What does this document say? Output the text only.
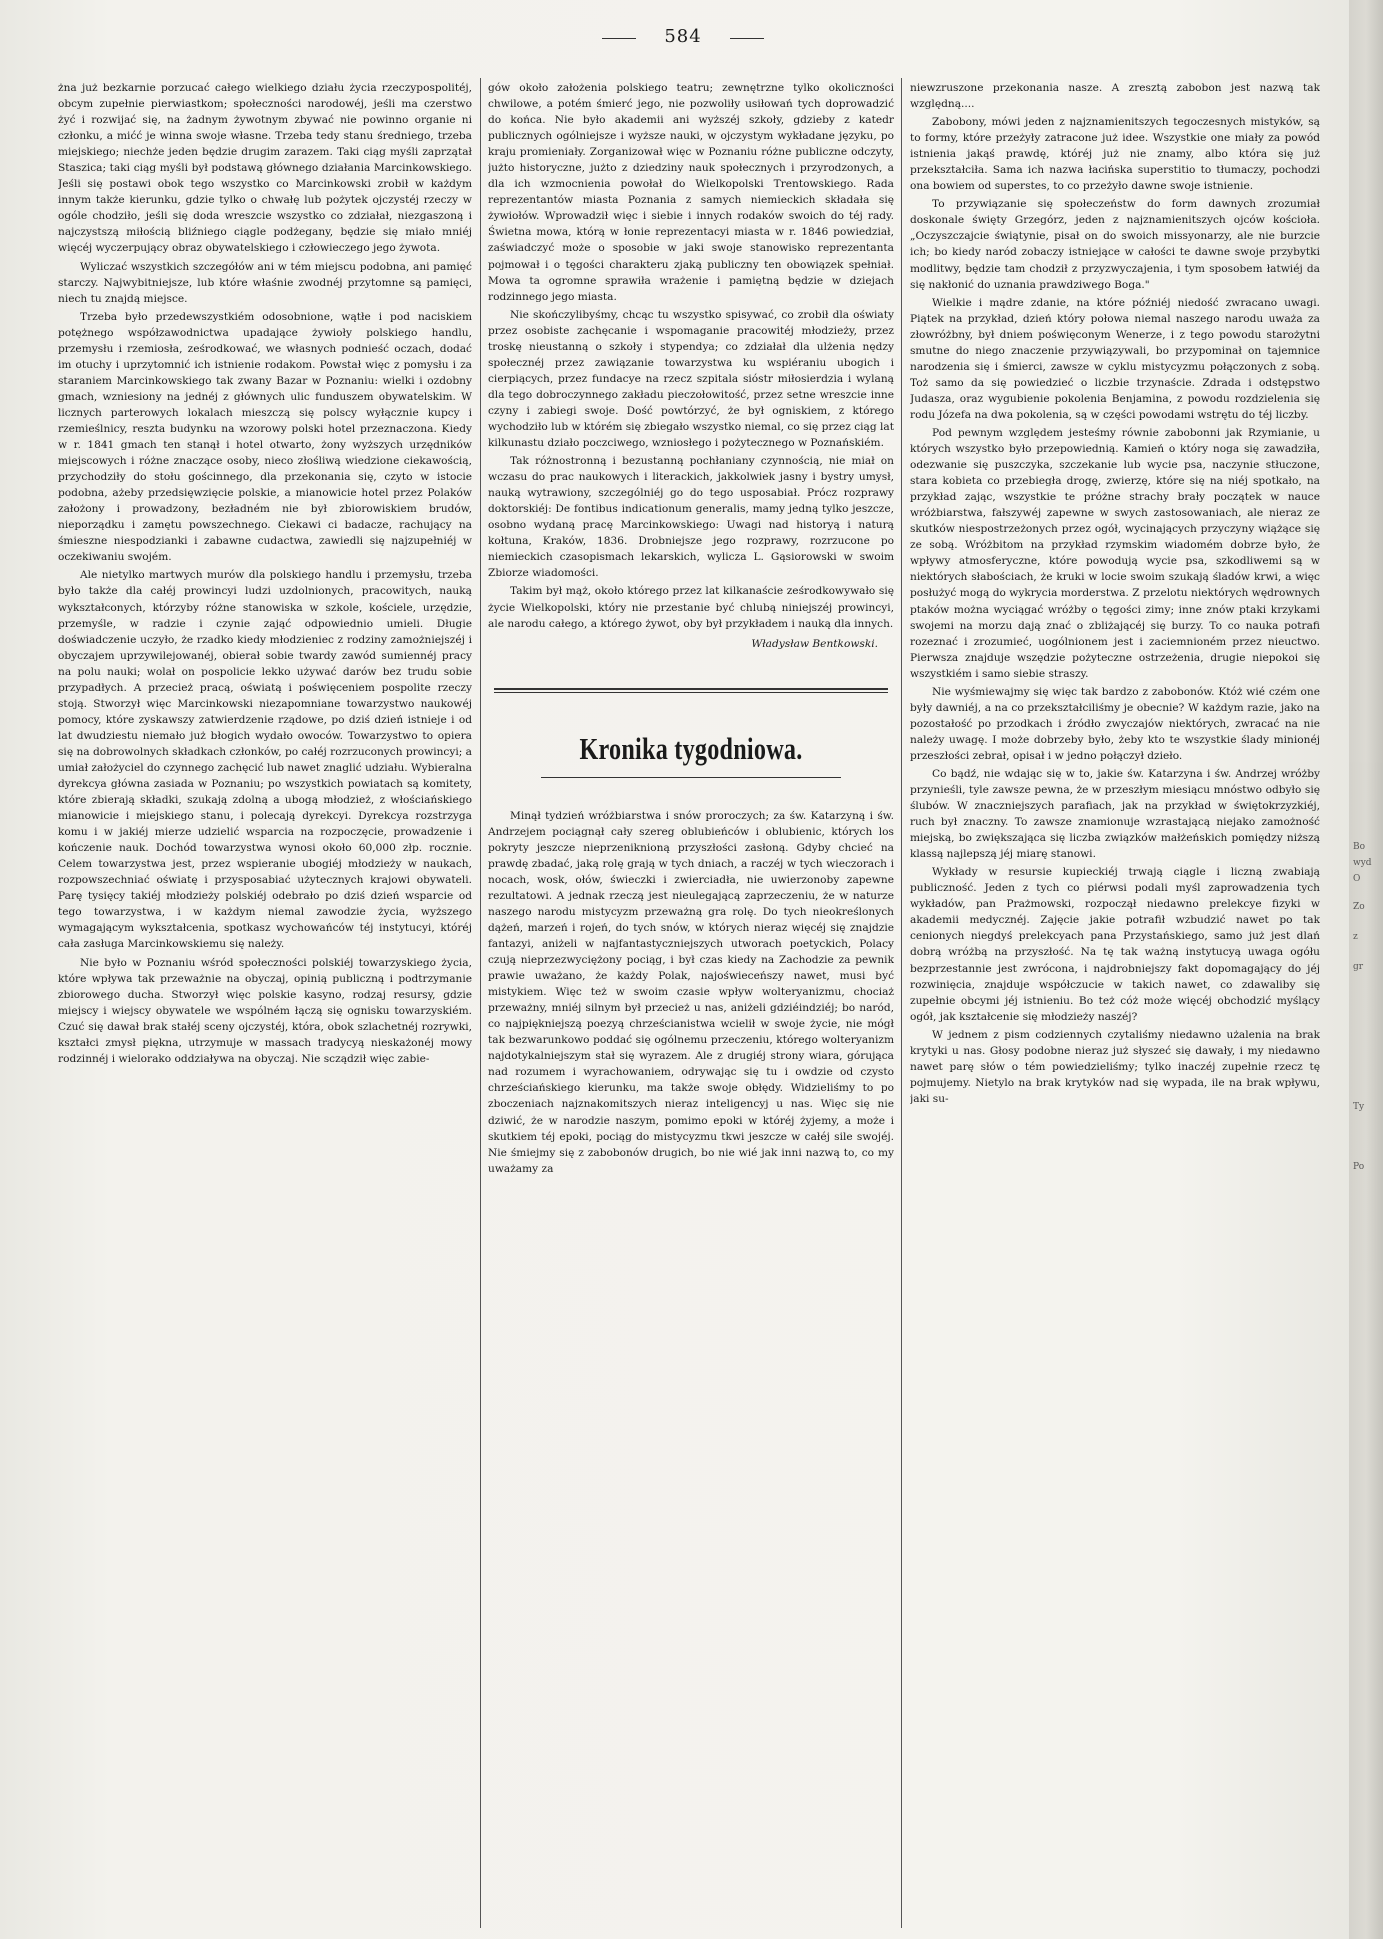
584

żna już bezkarnie porzucać całego wielkiego działu życia rzeczypospolitéj, obcym zupełnie pierwiastkom; społeczności narodowéj, jeśli ma czerstwo żyć i rozwijać się, na żadnym żywotnym zbywać nie powinno organie ni członku, a mićć je winna swoje własne. Trzeba tedy stanu średniego, trzeba miejskiego; niechże jeden będzie drugim zarazem. Taki ciąg myśli zaprzątał Staszica; taki ciąg myśli był podstawą głównego działania Marcinkowskiego. Jeśli się postawi obok tego wszystko co Marcinkowski zrobił w każdym innym także kierunku, gdzie tylko o chwałę lub pożytek ojczystéj rzeczy w ogóle chodziło, jeśli się doda wreszcie wszystko co zdziałał, niezgaszoną i najczystszą miłością bliźniego ciągle podżegany, będzie się miało mniéj więcéj wyczerpujący obraz obywatelskiego i człowieczego jego żywota.

Wyliczać wszystkich szczegółów ani w tém miejscu podobna, ani pamięć starczy. Najwybitniejsze, lub które właśnie zwodnéj przytomne są pamięci, niech tu znajdą miejsce.

Trzeba było przedewszystkiém odosobnione, wątłe i pod naciskiem potężnego współzawodnictwa upadające żywioły polskiego handlu, przemysłu i rzemiosła, ześrodkować, we własnych podnieść oczach, dodać im otuchy i uprzytomnić ich istnienie rodakom. Powstał więc z pomysłu i za staraniem Marcinkowskiego tak zwany Bazar w Poznaniu: wielki i ozdobny gmach, wzniesiony na jednéj z głównych ulic funduszem obywatelskim. W licznych parterowych lokalach mieszczą się polscy wyłącznie kupcy i rzemieślnicy, reszta budynku na wzorowy polski hotel przeznaczona. Kiedy w r. 1841 gmach ten stanął i hotel otwarto, żony wyższych urzędników miejscowych i różne znaczące osoby, nieco złośliwą wiedzione ciekawością, przychodziły do stołu gościnnego, dla przekonania się, czyto w istocie podobna, ażeby przedsięwzięcie polskie, a mianowicie hotel przez Polaków założony i prowadzony, bezładném nie był zbiorowiskiem brudów, nieporządku i zamętu powszechnego. Ciekawi ci badacze, rachujący na śmieszne niespodzianki i zabawne cudactwa, zawiedli się najzupełniéj w oczekiwaniu swojém.

Ale nietylko martwych murów dla polskiego handlu i przemysłu, trzeba było także dla całéj prowincyi ludzi uzdolnionych, pracowitych, nauką wykształconych, którzyby różne stanowiska w szkole, kościele, urzędzie, przemyśle, w radzie i czynie zająć odpowiednio umieli. Długie doświadczenie uczyło, że rzadko kiedy młodzieniec z rodziny zamożniejszéj i obyczajem uprzywilejowanéj, obierał sobie twardy zawód sumiennéj pracy na polu nauki; wolał on pospolicie lekko używać darów bez trudu sobie przypadłych. A przecież pracą, oświatą i poświęceniem pospolite rzeczy stoją. Stworzył więc Marcinkowski niezapomniane towarzystwo naukowéj pomocy, które zyskawszy zatwierdzenie rządowe, po dziś dzień istnieje i od lat dwudziestu niemało już błogich wydało owoców. Towarzystwo to opiera się na dobrowolnych składkach członków, po całéj rozrzuconych prowincyi; a umiał założyciel do czynnego zachęcić lub nawet znaglić udziału. Wybieralna dyrekcya główna zasiada w Poznaniu; po wszystkich powiatach są komitety, które zbierają składki, szukają zdolną a ubogą młodzież, z włościańskiego mianowicie i miejskiego stanu, i polecają dyrekcyi. Dyrekcya rozstrzyga komu i w jakiéj mierze udzielić wsparcia na rozpoczęcie, prowadzenie i kończenie nauk. Dochód towarzystwa wynosi około 60,000 złp. rocznie. Celem towarzystwa jest, przez wspieranie ubogiéj młodzieży w naukach, rozpowszechniać oświatę i przysposabiać użytecznych krajowi obywateli. Parę tysięcy takiéj młodzieży polskiéj odebrało po dziś dzień wsparcie od tego towarzystwa, i w każdym niemal zawodzie życia, wyższego wymagającym wykształcenia, spotkasz wychowańców téj instytucyi, któréj cała zasługa Marcinkowskiemu się należy.

Nie było w Poznaniu wśród społeczności polskiéj towarzyskiego życia, które wpływa tak przeważnie na obyczaj, opinią publiczną i podtrzymanie zbiorowego ducha. Stworzył więc polskie kasyno, rodzaj resursy, gdzie miejscy i wiejscy obywatele we wspólném łączą się ognisku towarzyskiém. Czuć się dawał brak stałéj sceny ojczystéj, która, obok szlachetnéj rozrywki, kształci zmysł piękna, utrzymuje w massach tradycyą nieskażonéj mowy rodzinnéj i wielorako oddziaływa na obyczaj. Nie scządził więc zabie-

gów około założenia polskiego teatru; zewnętrzne tylko okoliczności chwilowe, a potém śmierć jego, nie pozwoliły usiłowań tych doprowadzić do końca. Nie było akademii ani wyższéj szkoły, gdzieby z katedr publicznych ogólniejsze i wyższe nauki, w ojczystym wykładane języku, po kraju promieniały. Zorganizował więc w Poznaniu różne publiczne odczyty, jużto historyczne, jużto z dziedziny nauk społecznych i przyrodzonych, a dla ich wzmocnienia powołał do Wielkopolski Trentowskiego. Rada reprezentantów miasta Poznania z samych niemieckich składała się żywiołów. Wprowadził więc i siebie i innych rodaków swoich do téj rady. Świetna mowa, którą w łonie reprezentacyi miasta w r. 1846 powiedział, zaświadczyć może o sposobie w jaki swoje stanowisko reprezentanta pojmował i o tęgości charakteru zjaką publiczny ten obowiązek spełniał. Mowa ta ogromne sprawiła wrażenie i pamiętną będzie w dziejach rodzinnego jego miasta.

Nie skończylibyśmy, chcąc tu wszystko spisywać, co zrobił dla oświaty przez osobiste zachęcanie i wspomaganie pracowitéj młodzieży, przez troskę nieustanną o szkoły i stypendya; co zdziałał dla ulżenia nędzy społecznéj przez zawiązanie towarzystwa ku wspiéraniu ubogich i cierpiących, przez fundacye na rzecz szpitala sióstr miłosierdzia i wylaną dla tego dobroczynnego zakładu pieczołowitość, przez setne wreszcie inne czyny i zabiegi swoje. Dość powtórzyć, że był ogniskiem, z którego wychodziło lub w którém się zbiegało wszystko niemal, co się przez ciąg lat kilkunastu działo poczciwego, wzniosłego i pożytecznego w Poznańskiém.

Tak różnostronną i bezustanną pochłaniany czynnością, nie miał on wczasu do prac naukowych i literackich, jakkolwiek jasny i bystry umysł, nauką wytrawiony, szczególniéj go do tego usposabiał. Prócz rozprawy doktorskiéj: De fontibus indicationum generalis, mamy jedną tylko jeszcze, osobno wydaną pracę Marcinkowskiego: Uwagi nad historyą i naturą kołtuna, Kraków, 1836. Drobniejsze jego rozprawy, rozrzucone po niemieckich czasopismach lekarskich, wylicza L. Gąsiorowski w swoim Zbiorze wiadomości.

Takim był mąż, około którego przez lat kilkanaście ześrodkowywało się życie Wielkopolski, który nie przestanie być chlubą niniejszéj prowincyi, ale narodu całego, a którego żywot, oby był przykładem i nauką dla innych.

Władysław Bentkowski.
Kronika tygodniowa.

Minął tydzień wróżbiarstwa i snów proroczych; za św. Katarzyną i św. Andrzejem pociągnął cały szereg oblubieńców i oblubienic, których los pokryty jeszcze nieprzeniknioną przyszłości zasłoną. Gdyby chcieć na prawdę zbadać, jaką rolę grają w tych dniach, a raczéj w tych wieczorach i nocach, wosk, ołów, świeczki i zwierciadła, nie uwierzonoby zapewne rezultatowi. A jednak rzeczą jest nieulegającą zaprzeczeniu, że w naturze naszego narodu mistycyzm przeważną gra rolę. Do tych nieokreślonych dążeń, marzeń i rojeń, do tych snów, w których nieraz więcéj się znajdzie fantazyi, aniżeli w najfantastyczniejszych utworach poetyckich, Polacy czują nieprzezwyciężony pociąg, i był czas kiedy na Zachodzie za pewnik prawie uważano, że każdy Polak, najoświeceńszy nawet, musi być mistykiem. Więc też w swoim czasie wpływ wolteryanizmu, chociaż przeważny, mniéj silnym był przecież u nas, aniżeli gdziéindziéj; bo naród, co najpiękniejszą poezyą chrześcianistwa wcielił w swoje życie, nie mógł tak bezwarunkowo poddać się ogólnemu przeczeniu, którego wolteryanizm najdotykalniejszym stał się wyrazem. Ale z drugiéj strony wiara, górująca nad rozumem i wyrachowaniem, odrywając się tu i owdzie od czysto chrześciańskiego kierunku, ma także swoje obłędy. Widzieliśmy to po zboczeniach najznakomitszych nieraz inteligencyj u nas. Więc się nie dziwić, że w narodzie naszym, pomimo epoki w któréj żyjemy, a może i skutkiem téj epoki, pociąg do mistycyzmu tkwi jeszcze w całéj sile swojéj. Nie śmiejmy się z zabobonów drugich, bo nie wié jak inni nazwą to, co my uważamy za

niewzruszone przekonania nasze. A zresztą zabobon jest nazwą tak względną....

Zabobony, mówi jeden z najznamienitszych tegoczesnych mistyków, są to formy, które przeżyły zatracone już idee. Wszystkie one miały za powód istnienia jakąś prawdę, któréj już nie znamy, albo która się już przekształciła. Sama ich nazwa łacińska superstitio to tłumaczy, pochodzi ona bowiem od superstes, to co przeżyło dawne swoje istnienie.

To przywiązanie się społeczeństw do form dawnych zrozumiał doskonale święty Grzegórz, jeden z najznamienitszych ojców kościoła. „Oczyszczajcie świątynie, pisał on do swoich missyonarzy, ale nie burzcie ich; bo kiedy naród zobaczy istniejące w całości te dawne swoje przybytki modlitwy, będzie tam chodził z przyzwyczajenia, i tym sposobem łatwiéj da się nakłonić do uznania prawdziwego Boga."

Wielkie i mądre zdanie, na które późniéj niedość zwracano uwagi. Piątek na przykład, dzień który połowa niemal naszego narodu uważa za złowróżbny, był dniem poświęconym Wenerze, i z tego powodu starożytni smutne do niego znaczenie przywiązywali, bo przypominał on tajemnice narodzenia się i śmierci, zawsze w cyklu mistycyzmu połączonych z sobą. Toż samo da się powiedzieć o liczbie trzynaście. Zdrada i odstępstwo Judasza, oraz wygubienie pokolenia Benjamina, z powodu rozdzielenia się rodu Józefa na dwa pokolenia, są w części powodami wstrętu do téj liczby.

Pod pewnym względem jesteśmy równie zabobonni jak Rzymianie, u których wszystko było przepowiednią. Kamień o który noga się zawadziła, odezwanie się puszczyka, szczekanie lub wycie psa, naczynie stłuczone, stara kobieta co przebiegła drogę, zwierzę, które się na niéj spotkało, na przykład zając, wszystkie te próżne strachy brały początek w nauce wróżbiarstwa, fałszywéj zapewne w swych zastosowaniach, ale nieraz ze skutków niespostrzeżonych przez ogół, wycinających przyczyny wiążące się ze sobą. Wróżbitom na przykład rzymskim wiadomém dobrze było, że wpływy atmosferyczne, które powodują wycie psa, szkodliwemi są w niektórych słabościach, że kruki w locie swoim szukają śladów krwi, a więc posłużyć mogą do wykrycia morderstwa. Z przelotu niektórych wędrownych ptaków można wyciągać wróżby o tęgości zimy; inne znów ptaki krzykami swojemi na morzu dają znać o zbliżającéj się burzy. To co nauka potrafi rozeznać i zrozumieć, uogólnionem jest i zaciemnioném przez nieuctwo. Pierwsza znajduje wszędzie pożyteczne ostrzeżenia, drugie niepokoi się wszystkiém i samo siebie straszy.

Nie wyśmiewajmy się więc tak bardzo z zabobonów. Któż wié czém one były dawniéj, a na co przekształciliśmy je obecnie? W każdym razie, jako na pozostałość po przodkach i źródło zwyczajów niektórych, zwracać na nie należy uwagę. I może dobrzeby było, żeby kto te wszystkie ślady minionéj przeszłości zebrał, opisał i w jedno połączył dzieło.

Co bądź, nie wdając się w to, jakie św. Katarzyna i św. Andrzej wróżby przynieśli, tyle zawsze pewna, że w przeszłym miesiącu mnóstwo odbyło się ślubów. W znaczniejszych parafiach, jak na przykład w świętokrzyzkiéj, ruch był znaczny. To zawsze znamionuje wzrastającą niejako zamożność miejską, bo zwiększająca się liczba związków małżeńskich pomiędzy niższą klassą najlepszą jéj miarę stanowi.

Wykłady w resursie kupieckiéj trwają ciągle i liczną zwabiają publiczność. Jeden z tych co piérwsi podali myśl zaprowadzenia tych wykładów, pan Prażmowski, rozpoczął niedawno prelekcye fizyki w akademii medycznéj. Zajęcie jakie potrafił wzbudzić nawet po tak cenionych niegdyś prelekcyach pana Przystańskiego, samo już jest dlań dobrą wróżbą na przyszłość. Na tę tak ważną instytucyą uwaga ogółu bezprzestannie jest zwrócona, i najdrobniejszy fakt dopomagający do jéj rozwinięcia, znajduje współczucie w takich nawet, co zdawaliby się zupełnie obcymi jéj istnieniu. Bo też cóż może więcéj obchodzić myślący ogół, jak kształcenie się młodzieży naszéj?

W jednem z pism codziennych czytaliśmy niedawno użalenia na brak krytyki u nas. Głosy podobne nieraz już słyszeć się dawały, i my niedawno nawet parę słów o tém powiedzieliśmy; tylko inaczéj zupełnie rzecz tę pojmujemy. Nietylo na brak krytyków nad się wypada, ile na brak wpływu, jaki su-

Bo
wyd
O
Zo
z
gr
Ty
Po
